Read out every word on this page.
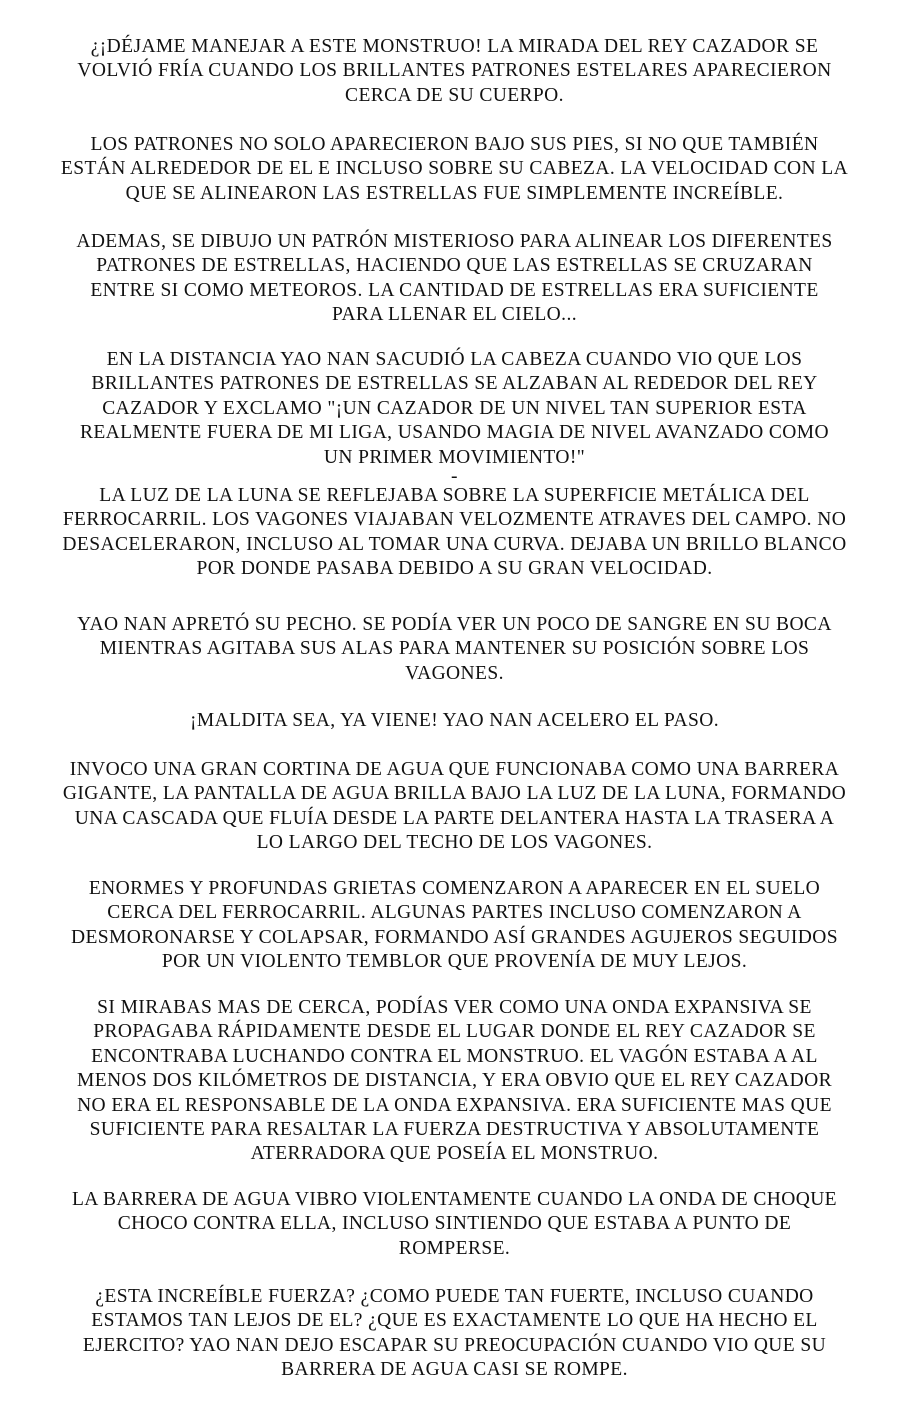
¿¡DÉJAME MANEJAR A ESTE MONSTRUO! LA MIRADA DEL REY CAZADOR SE
VOLVIÓ FRÍA CUANDO LOS BRILLANTES PATRONES ESTELARES APARECIERON
CERCA DE SU CUERPO.
LOS PATRONES NO SOLO APARECIERON BAJO SUS PIES, SI NO QUE TAMBIÉN
ESTÁN ALREDEDOR DE EL E INCLUSO SOBRE SU CABEZA. LA VELOCIDAD CON LA
QUE SE ALINEARON LAS ESTRELLAS FUE SIMPLEMENTE INCREÍBLE.
ADEMAS, SE DIBUJO UN PATRÓN MISTERIOSO PARA ALINEAR LOS DIFERENTES
PATRONES DE ESTRELLAS, HACIENDO QUE LAS ESTRELLAS SE CRUZARAN
ENTRE SI COMO METEOROS. LA CANTIDAD DE ESTRELLAS ERA SUFICIENTE
PARA LLENAR EL CIELO...
EN LA DISTANCIA YAO NAN SACUDIÓ LA CABEZA CUANDO VIO QUE LOS
BRILLANTES PATRONES DE ESTRELLAS SE ALZABAN AL REDEDOR DEL REY
CAZADOR Y EXCLAMO "¡UN CAZADOR DE UN NIVEL TAN SUPERIOR ESTA
REALMENTE FUERA DE MI LIGA, USANDO MAGIA DE NIVEL AVANZADO COMO
UN PRIMER MOVIMIENTO!"
-
LA LUZ DE LA LUNA SE REFLEJABA SOBRE LA SUPERFICIE METÁLICA DEL
FERROCARRIL. LOS VAGONES VIAJABAN VELOZMENTE ATRAVES DEL CAMPO. NO
DESACELERARON, INCLUSO AL TOMAR UNA CURVA. DEJABA UN BRILLO BLANCO
POR DONDE PASABA DEBIDO A SU GRAN VELOCIDAD.
YAO NAN APRETÓ SU PECHO. SE PODÍA VER UN POCO DE SANGRE EN SU BOCA
MIENTRAS AGITABA SUS ALAS PARA MANTENER SU POSICIÓN SOBRE LOS
VAGONES.
¡MALDITA SEA, YA VIENE! YAO NAN ACELERO EL PASO.
INVOCO UNA GRAN CORTINA DE AGUA QUE FUNCIONABA COMO UNA BARRERA
GIGANTE, LA PANTALLA DE AGUA BRILLA BAJO LA LUZ DE LA LUNA, FORMANDO
UNA CASCADA QUE FLUÍA DESDE LA PARTE DELANTERA HASTA LA TRASERA A
LO LARGO DEL TECHO DE LOS VAGONES.
ENORMES Y PROFUNDAS GRIETAS COMENZARON A APARECER EN EL SUELO
CERCA DEL FERROCARRIL. ALGUNAS PARTES INCLUSO COMENZARON A
DESMORONARSE Y COLAPSAR, FORMANDO ASÍ GRANDES AGUJEROS SEGUIDOS
POR UN VIOLENTO TEMBLOR QUE PROVENÍA DE MUY LEJOS.
SI MIRABAS MAS DE CERCA, PODÍAS VER COMO UNA ONDA EXPANSIVA SE
PROPAGABA RÁPIDAMENTE DESDE EL LUGAR DONDE EL REY CAZADOR SE
ENCONTRABA LUCHANDO CONTRA EL MONSTRUO. EL VAGÓN ESTABA A AL
MENOS DOS KILÓMETROS DE DISTANCIA, Y ERA OBVIO QUE EL REY CAZADOR
NO ERA EL RESPONSABLE DE LA ONDA EXPANSIVA. ERA SUFICIENTE MAS QUE
SUFICIENTE PARA RESALTAR LA FUERZA DESTRUCTIVA Y ABSOLUTAMENTE
ATERRADORA QUE POSEÍA EL MONSTRUO.
LA BARRERA DE AGUA VIBRO VIOLENTAMENTE CUANDO LA ONDA DE CHOQUE
CHOCO CONTRA ELLA, INCLUSO SINTIENDO QUE ESTABA A PUNTO DE
ROMPERSE.
¿ESTA INCREÍBLE FUERZA? ¿COMO PUEDE TAN FUERTE, INCLUSO CUANDO
ESTAMOS TAN LEJOS DE EL? ¿QUE ES EXACTAMENTE LO QUE HA HECHO EL
EJERCITO? YAO NAN DEJO ESCAPAR SU PREOCUPACIÓN CUANDO VIO QUE SU
BARRERA DE AGUA CASI SE ROMPE.
